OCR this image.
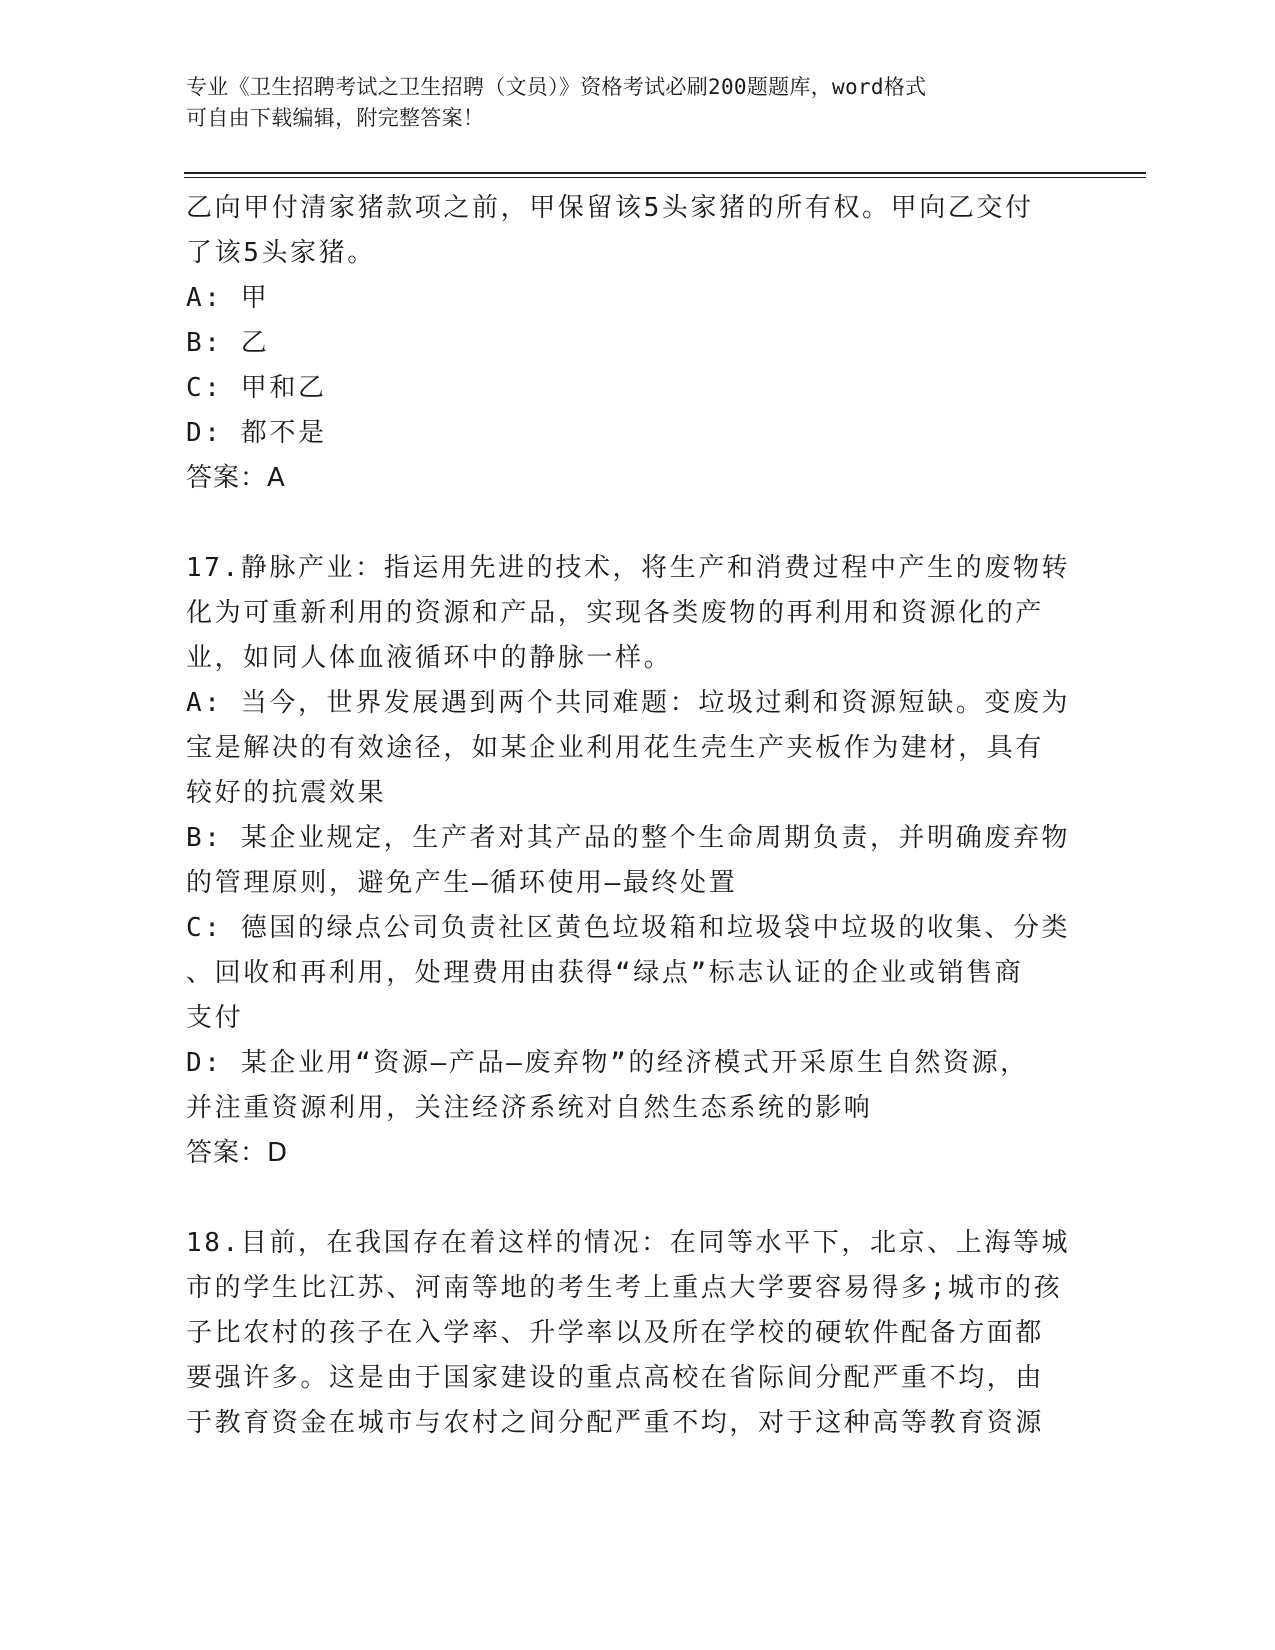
专业《卫生招聘考试之卫生招聘（文员）》资格考试必刷200题题库，word格式
可自由下载编辑，附完整答案！
乙向甲付清家猪款项之前，甲保留该5头家猪的所有权。甲向乙交付
了该5头家猪。
A: 甲
B: 乙
C: 甲和乙
D: 都不是
答案：A
17.静脉产业：指运用先进的技术，将生产和消费过程中产生的废物转
化为可重新利用的资源和产品，实现各类废物的再利用和资源化的产
业，如同人体血液循环中的静脉一样。
A: 当今，世界发展遇到两个共同难题：垃圾过剩和资源短缺。变废为
宝是解决的有效途径，如某企业利用花生壳生产夹板作为建材，具有
较好的抗震效果
B: 某企业规定，生产者对其产品的整个生命周期负责，并明确废弃物
的管理原则，避免产生—循环使用—最终处置
C: 德国的绿点公司负责社区黄色垃圾箱和垃圾袋中垃圾的收集、分类
、回收和再利用，处理费用由获得“绿点”标志认证的企业或销售商
支付
D: 某企业用“资源—产品—废弃物”的经济模式开采原生自然资源，
并注重资源利用，关注经济系统对自然生态系统的影响
答案：D
18.目前，在我国存在着这样的情况：在同等水平下，北京、上海等城
市的学生比江苏、河南等地的考生考上重点大学要容易得多;城市的孩
子比农村的孩子在入学率、升学率以及所在学校的硬软件配备方面都
要强许多。这是由于国家建设的重点高校在省际间分配严重不均，由
于教育资金在城市与农村之间分配严重不均，对于这种高等教育资源
